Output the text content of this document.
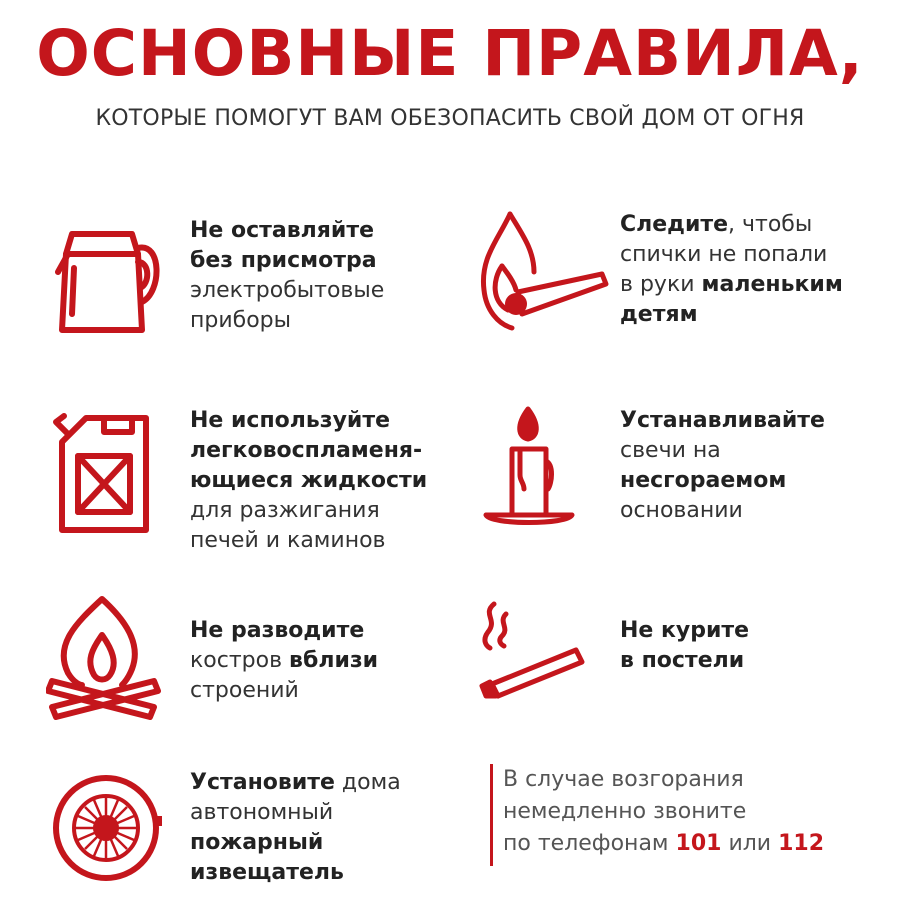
ОСНОВНЫЕ ПРАВИЛА,
КОТОРЫЕ ПОМОГУТ ВАМ ОБЕЗОПАСИТЬ СВОЙ ДОМ ОТ ОГНЯ
Не оставляйте
без присмотра
электробытовые
приборы
Следите, чтобы
спички не попали
в руки маленьким
детям
Не используйте
легковоспламеня-
ющиеся жидкости
для разжигания
печей и каминов
Устанавливайте
свечи на
несгораемом
основании
Не разводите
костров вблизи
строений
Не курите
в постели
Установите дома
автономный
пожарный
извещатель
В случае возгорания
немедленно звоните
по телефонам 101 или 112
